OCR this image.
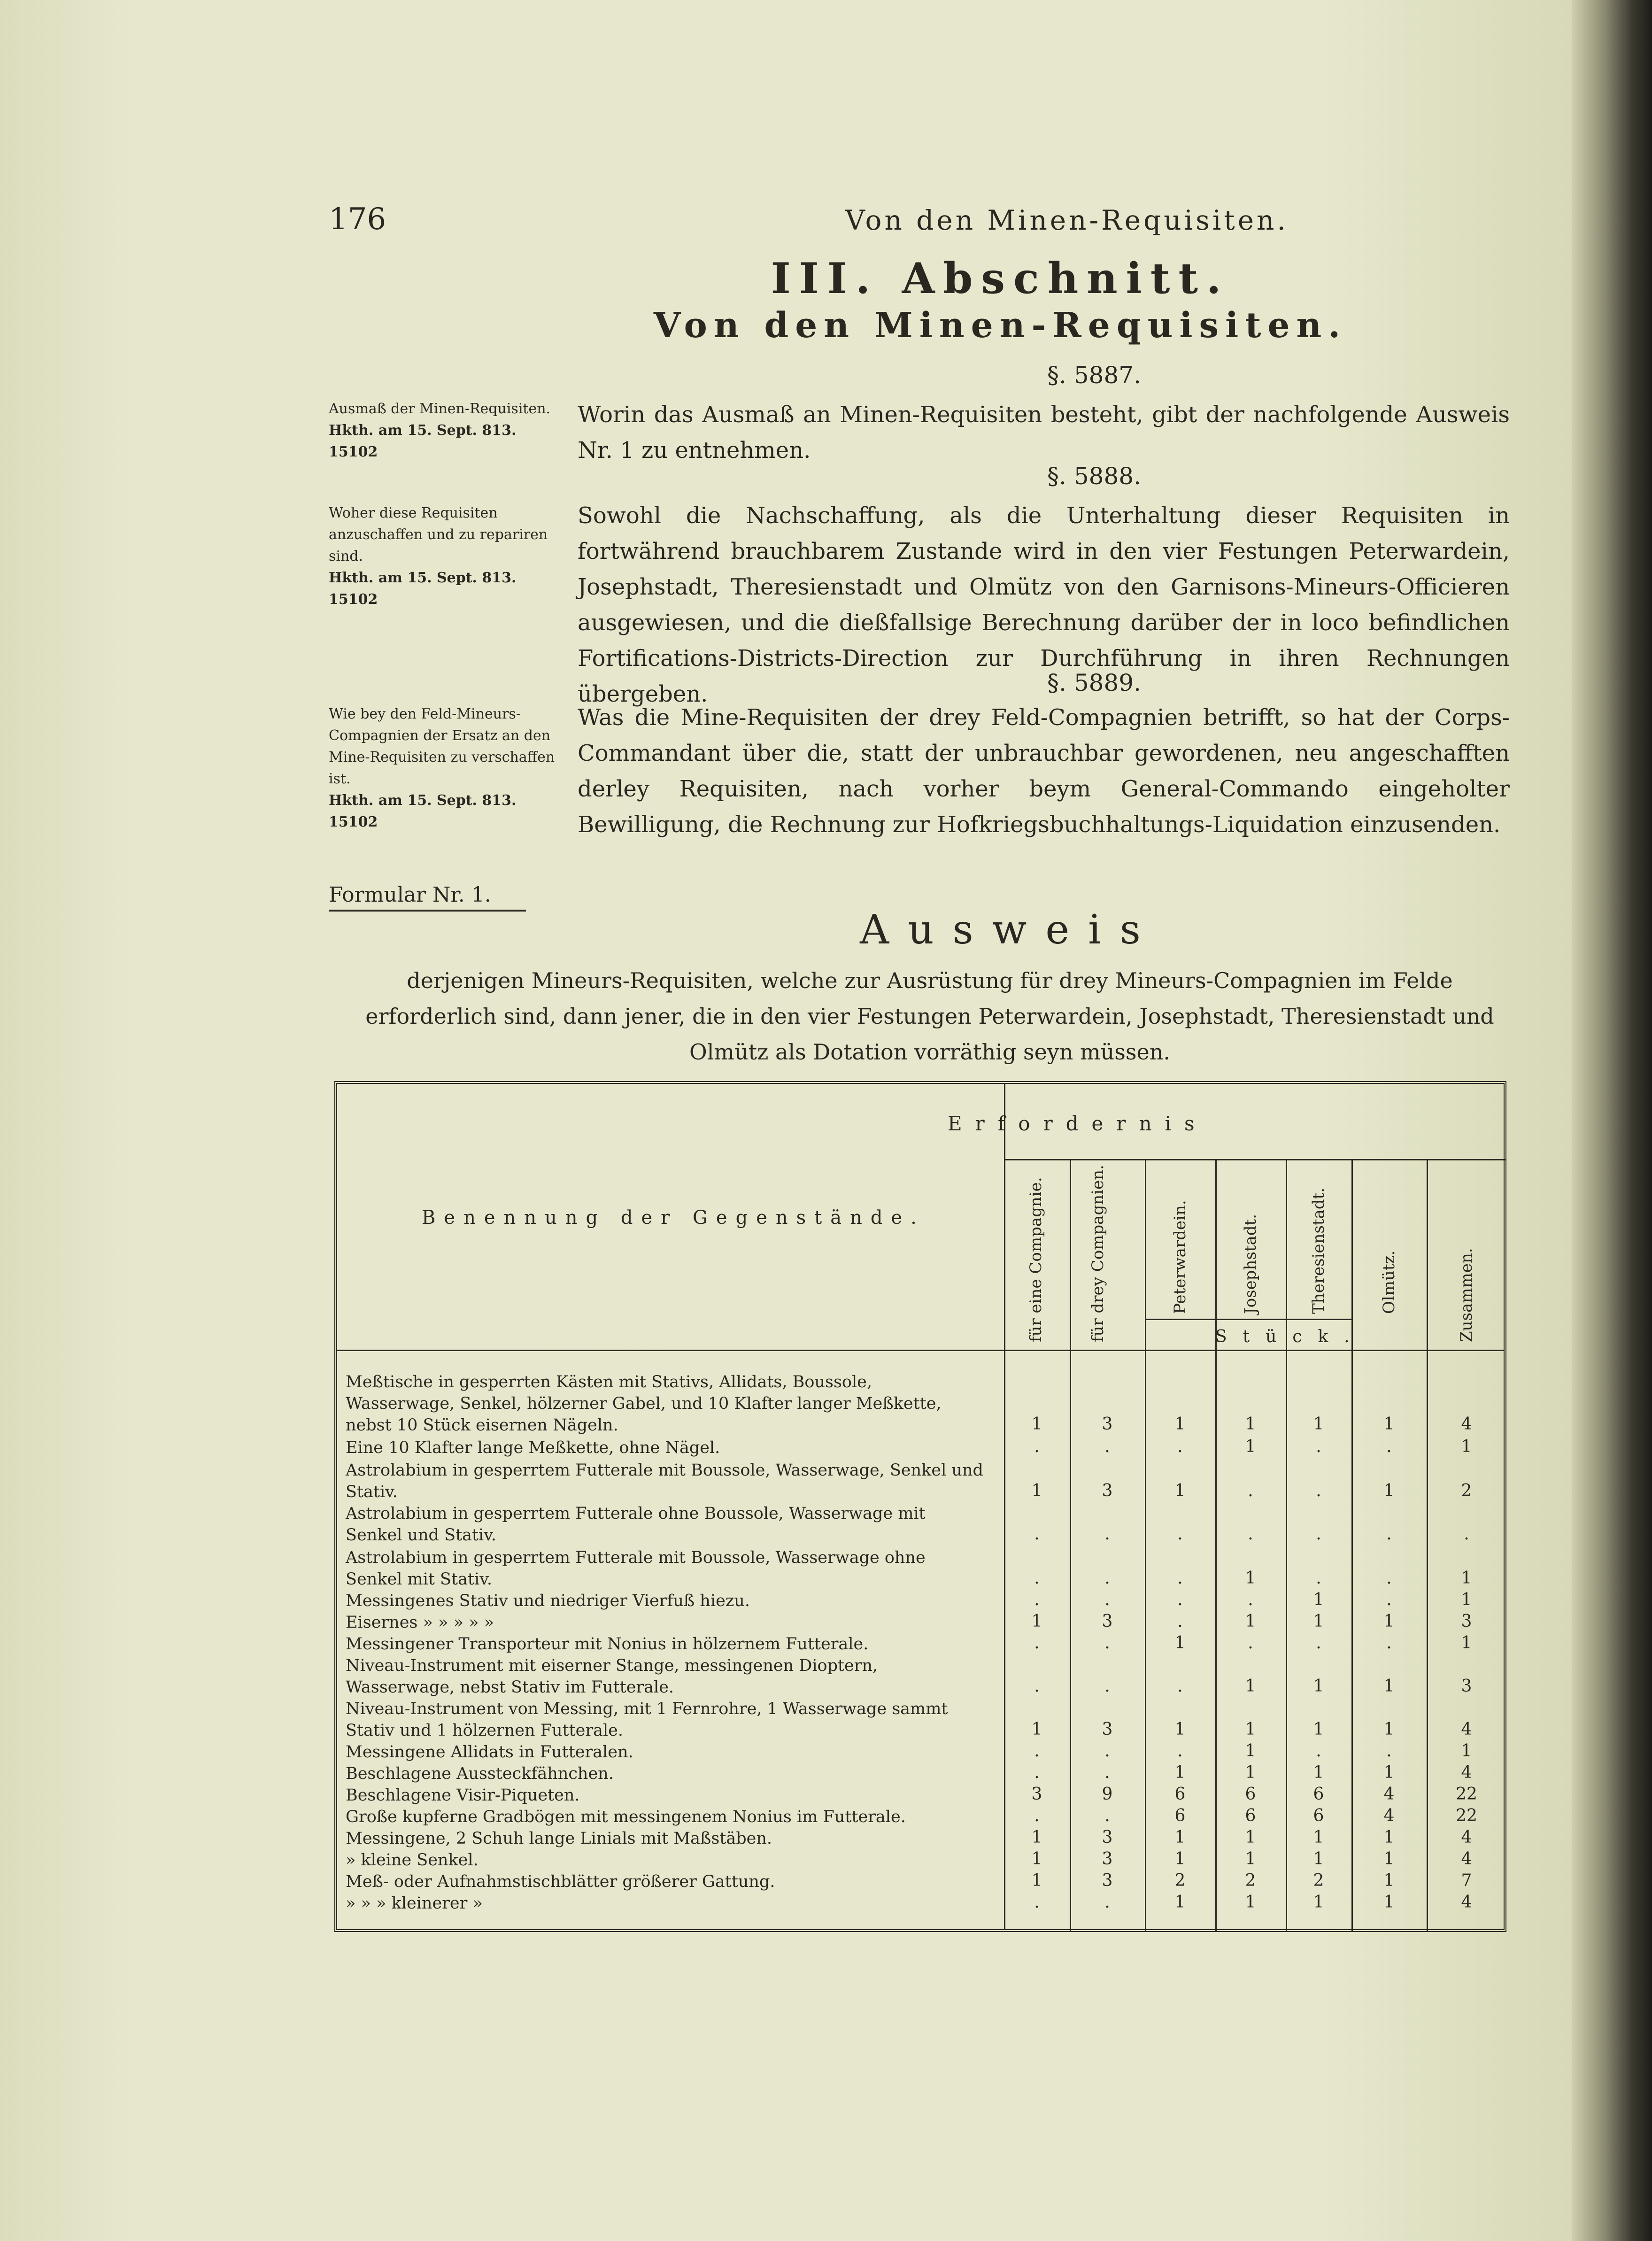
176	Von den Minen-Requisiten.
III. Abschnitt.
Von den Minen-Requisiten.
§. 5887.
Worin das Ausmaß an Minen-Requisiten besteht, gibt der nachfolgende Ausweis Nr. 1 zu entnehmen.
Ausmaß der Minen-Requisiten.
Hkth. am 15. Sept. 813. 15102
§. 5888.
Sowohl die Nachschaffung, als die Unterhaltung dieser Requisiten in fortwährend brauchbarem Zustande wird in den vier Festungen Peterwardein, Josephstadt, Theresienstadt und Olmütz von den Garnisons-Mineurs-Officieren ausgewiesen, und die dießfallsige Berechnung darüber der in loco befindlichen Fortifications-Districts-Direction zur Durchführung in ihren Rechnungen übergeben.
Woher diese Requisiten anzuschaffen und zu repariren sind.
Hkth. am 15. Sept. 813. 15102
§. 5889.
Was die Mine-Requisiten der drey Feld-Compagnien betrifft, so hat der Corps-Commandant über die, statt der unbrauchbar gewordenen, neu angeschafften derley Requisiten, nach vorher beym General-Commando eingeholter Bewilligung, die Rechnung zur Hofkriegsbuchhaltungs-Liquidation einzusenden.
Wie bey den Feld-Mineurs-Compagnien der Ersatz an den Mine-Requisiten zu verschaffen ist.
Hkth. am 15. Sept. 813. 15102
Formular Nr. 1.
Ausweis
derjenigen Mineurs-Requisiten, welche zur Ausrüstung für drey Mineurs-Compagnien im Felde erforderlich sind, dann jener, die in den vier Festungen Peterwardein, Josephstadt, Theresienstadt und Olmütz als Dotation vorräthig seyn müssen.
Benennung der Gegenstände.
Erfordernis
Stück.
für eine Compagnie.	für drey Compagnien.	Peterwardein.	Josephstadt.	Theresienstadt.	Olmütz.	Zusammen.
Meßtische in gesperrten Kästen mit Stativs, Allidats, Boussole, Wasserwage, Senkel, hölzerner Gabel, und 10 Klafter langer Meßkette, nebst 10 Stück eisernen Nägeln.	1	3	1	1	1	1	4
Eine 10 Klafter lange Meßkette, ohne Nägel.	.	.	.	1	.	.	1
Astrolabium in gesperrtem Futterale mit Boussole, Wasserwage, Senkel und Stativ.	1	3	1	.	.	1	2
Astrolabium in gesperrtem Futterale ohne Boussole, Wasserwage mit Senkel und Stativ.	.	.	.	.	.	.	.
Astrolabium in gesperrtem Futterale mit Boussole, Wasserwage ohne Senkel mit Stativ.	.	.	.	1	.	.	1
Messingenes Stativ und niedriger Vierfuß hiezu.	.	.	.	.	1	.	1
Eisernes » » » » »	1	3	.	1	1	1	3
Messingener Transporteur mit Nonius in hölzernem Futterale.	.	.	1	.	.	.	1
Niveau-Instrument mit eiserner Stange, messingenen Dioptern, Wasserwage, nebst Stativ im Futterale.	.	.	.	1	1	1	3
Niveau-Instrument von Messing, mit 1 Fernrohre, 1 Wasserwage sammt Stativ und 1 hölzernen Futterale.	1	3	1	1	1	1	4
Messingene Allidats in Futteralen.	.	.	.	1	.	.	1
Beschlagene Aussteckfähnchen.	.	.	1	1	1	1	4
Beschlagene Visir-Piqueten.	3	9	6	6	6	4	22
Große kupferne Gradbögen mit messingenem Nonius im Futterale.	.	.	6	6	6	4	22
Messingene, 2 Schuh lange Linials mit Maßstäben.	1	3	1	1	1	1	4
» kleine Senkel.	1	3	1	1	1	1	4
Meß- oder Aufnahmstischblätter größerer Gattung.	1	3	2	2	2	1	7
» » » kleinerer »	.	.	1	1	1	1	4
